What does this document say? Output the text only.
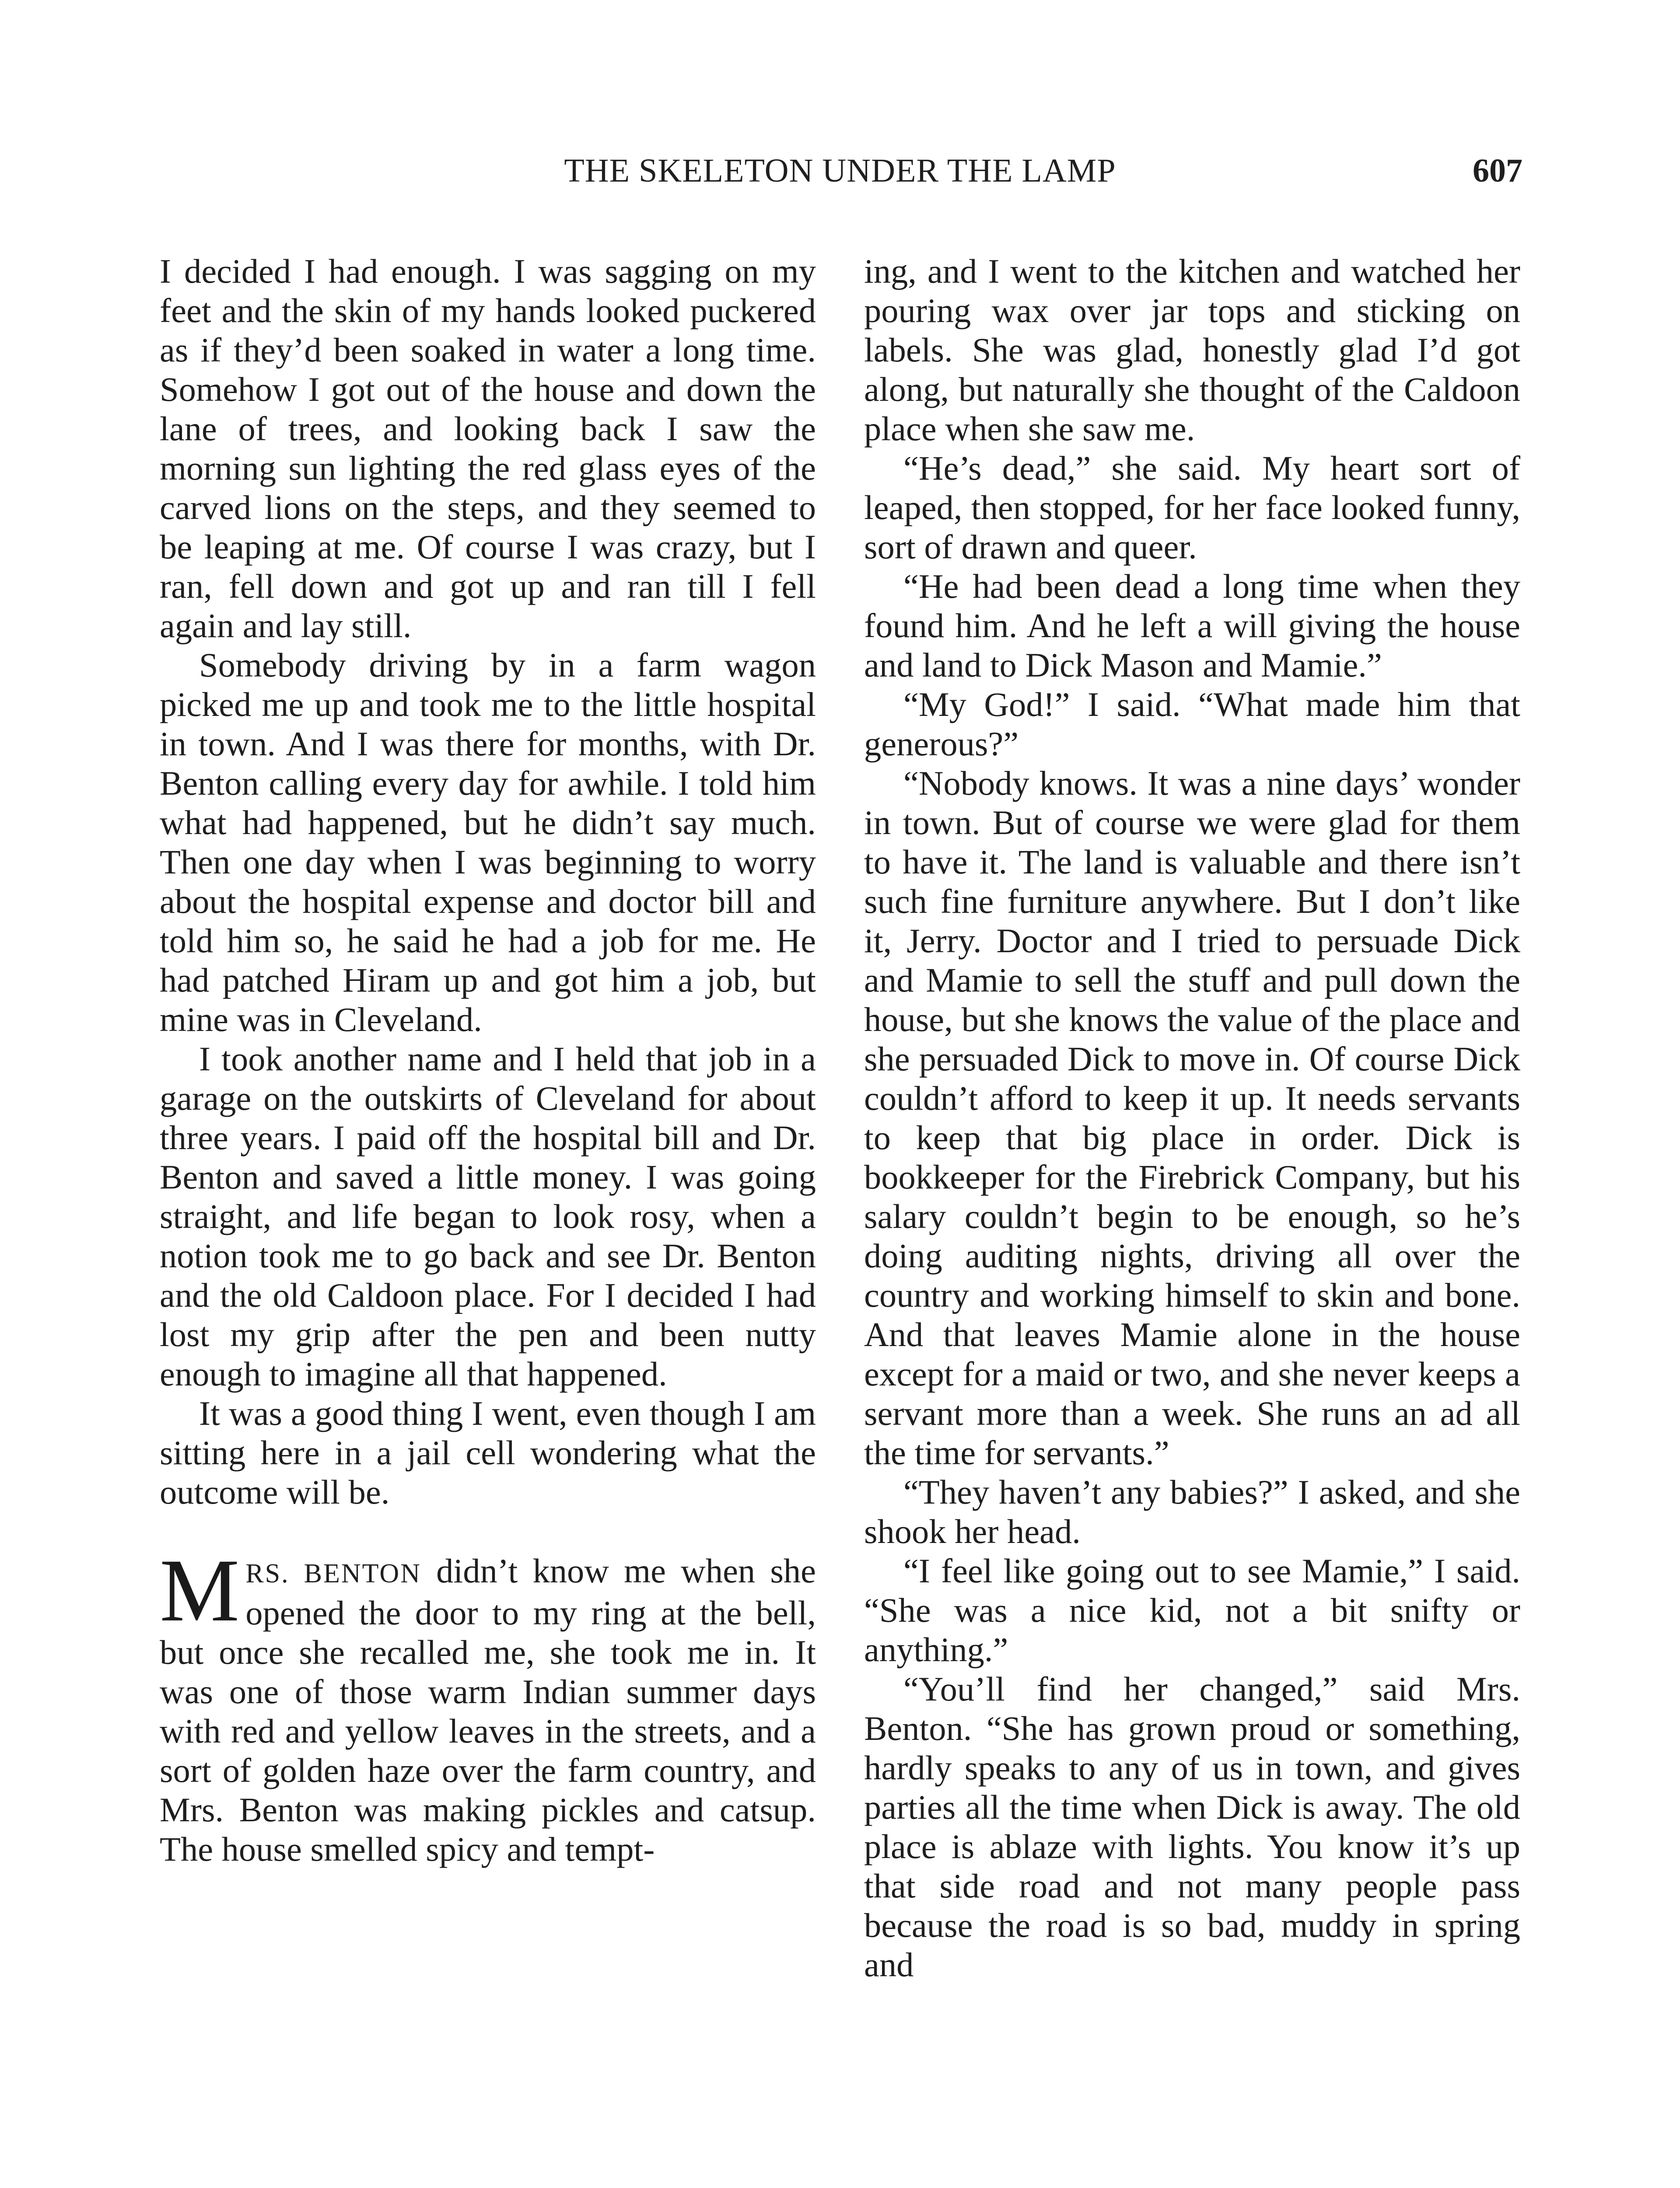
THE SKELETON UNDER THE LAMP	607

I decided I had enough. I was sagging on my feet and the skin of my hands looked puckered as if they’d been soaked in water a long time. Somehow I got out of the house and down the lane of trees, and looking back I saw the morning sun lighting the red glass eyes of the carved lions on the steps, and they seemed to be leaping at me. Of course I was crazy, but I ran, fell down and got up and ran till I fell again and lay still.

Somebody driving by in a farm wagon picked me up and took me to the little hospital in town. And I was there for months, with Dr. Benton calling every day for awhile. I told him what had happened, but he didn’t say much. Then one day when I was beginning to worry about the hospital expense and doctor bill and told him so, he said he had a job for me. He had patched Hiram up and got him a job, but mine was in Cleveland.

I took another name and I held that job in a garage on the outskirts of Cleveland for about three years. I paid off the hospital bill and Dr. Benton and saved a little money. I was going straight, and life began to look rosy, when a notion took me to go back and see Dr. Benton and the old Caldoon place. For I decided I had lost my grip after the pen and been nutty enough to imagine all that happened.

It was a good thing I went, even though I am sitting here in a jail cell wondering what the outcome will be.

MRS. BENTON didn’t know me when she opened the door to my ring at the bell, but once she recalled me, she took me in. It was one of those warm Indian summer days with red and yellow leaves in the streets, and a sort of golden haze over the farm country, and Mrs. Benton was making pickles and catsup. The house smelled spicy and tempt-

ing, and I went to the kitchen and watched her pouring wax over jar tops and sticking on labels. She was glad, honestly glad I’d got along, but naturally she thought of the Caldoon place when she saw me.

“He’s dead,” she said. My heart sort of leaped, then stopped, for her face looked funny, sort of drawn and queer.

“He had been dead a long time when they found him. And he left a will giving the house and land to Dick Mason and Mamie.”

“My God!” I said. “What made him that generous?”

“Nobody knows. It was a nine days’ wonder in town. But of course we were glad for them to have it. The land is valuable and there isn’t such fine furniture anywhere. But I don’t like it, Jerry. Doctor and I tried to persuade Dick and Mamie to sell the stuff and pull down the house, but she knows the value of the place and she persuaded Dick to move in. Of course Dick couldn’t afford to keep it up. It needs servants to keep that big place in order. Dick is bookkeeper for the Firebrick Company, but his salary couldn’t begin to be enough, so he’s doing auditing nights, driving all over the country and working himself to skin and bone. And that leaves Mamie alone in the house except for a maid or two, and she never keeps a servant more than a week. She runs an ad all the time for servants.”

“They haven’t any babies?” I asked, and she shook her head.

“I feel like going out to see Mamie,” I said. “She was a nice kid, not a bit snifty or anything.”

“You’ll find her changed,” said Mrs. Benton. “She has grown proud or something, hardly speaks to any of us in town, and gives parties all the time when Dick is away. The old place is ablaze with lights. You know it’s up that side road and not many people pass because the road is so bad, muddy in spring and
